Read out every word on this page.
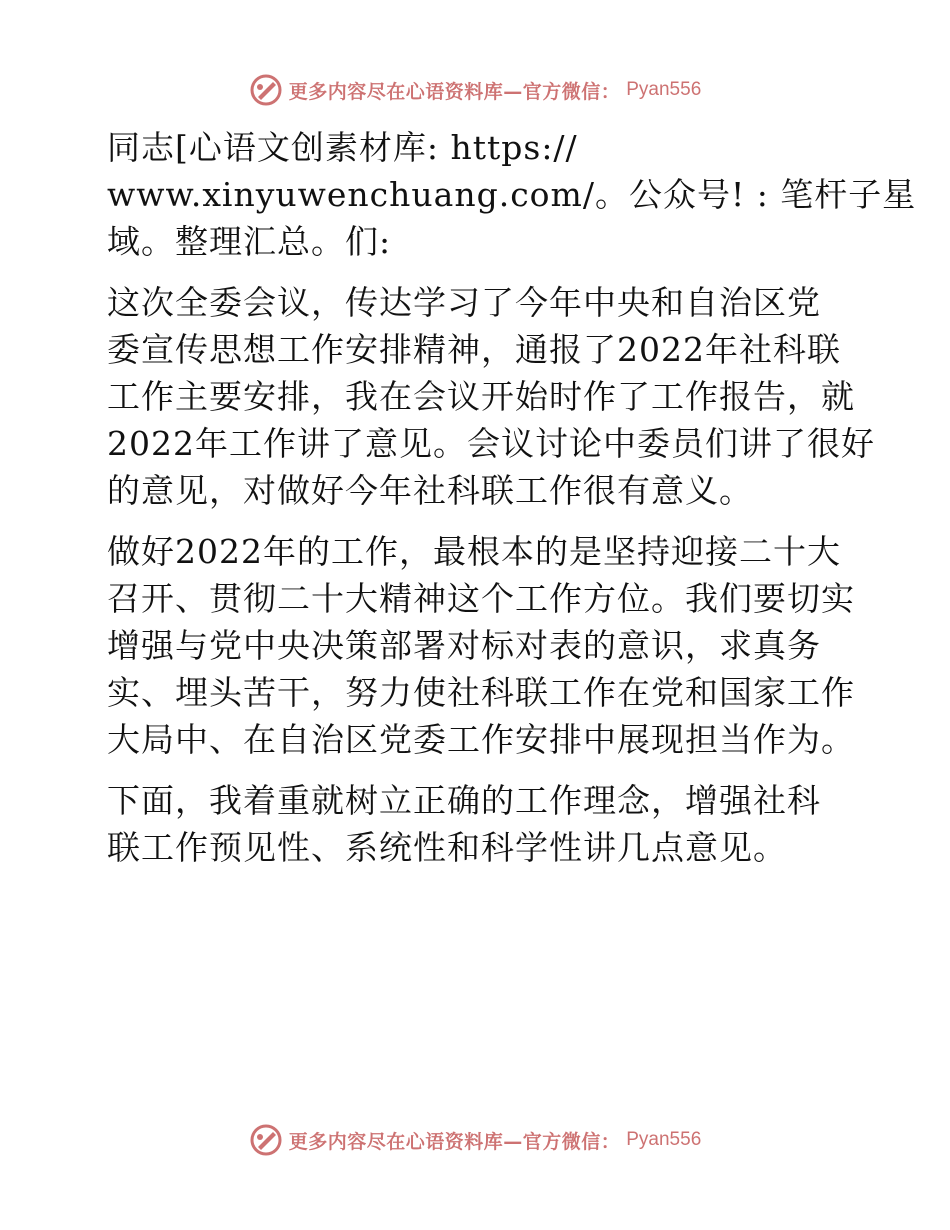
更多内容尽在心语资料库—官方微信： Pyan556

同志[心语文创素材库: https://
www.xinyuwenchuang.com/。公众号! : 笔杆子星
域。整理汇总。们:

这次全委会议，传达学习了今年中央和自治区党
委宣传思想工作安排精神，通报了2022年社科联
工作主要安排，我在会议开始时作了工作报告，就
2022年工作讲了意见。会议讨论中委员们讲了很好
的意见，对做好今年社科联工作很有意义。

做好2022年的工作，最根本的是坚持迎接二十大
召开、贯彻二十大精神这个工作方位。我们要切实
增强与党中央决策部署对标对表的意识，求真务
实、埋头苦干，努力使社科联工作在党和国家工作
大局中、在自治区党委工作安排中展现担当作为。

下面，我着重就树立正确的工作理念，增强社科
联工作预见性、系统性和科学性讲几点意见。

更多内容尽在心语资料库—官方微信： Pyan556
